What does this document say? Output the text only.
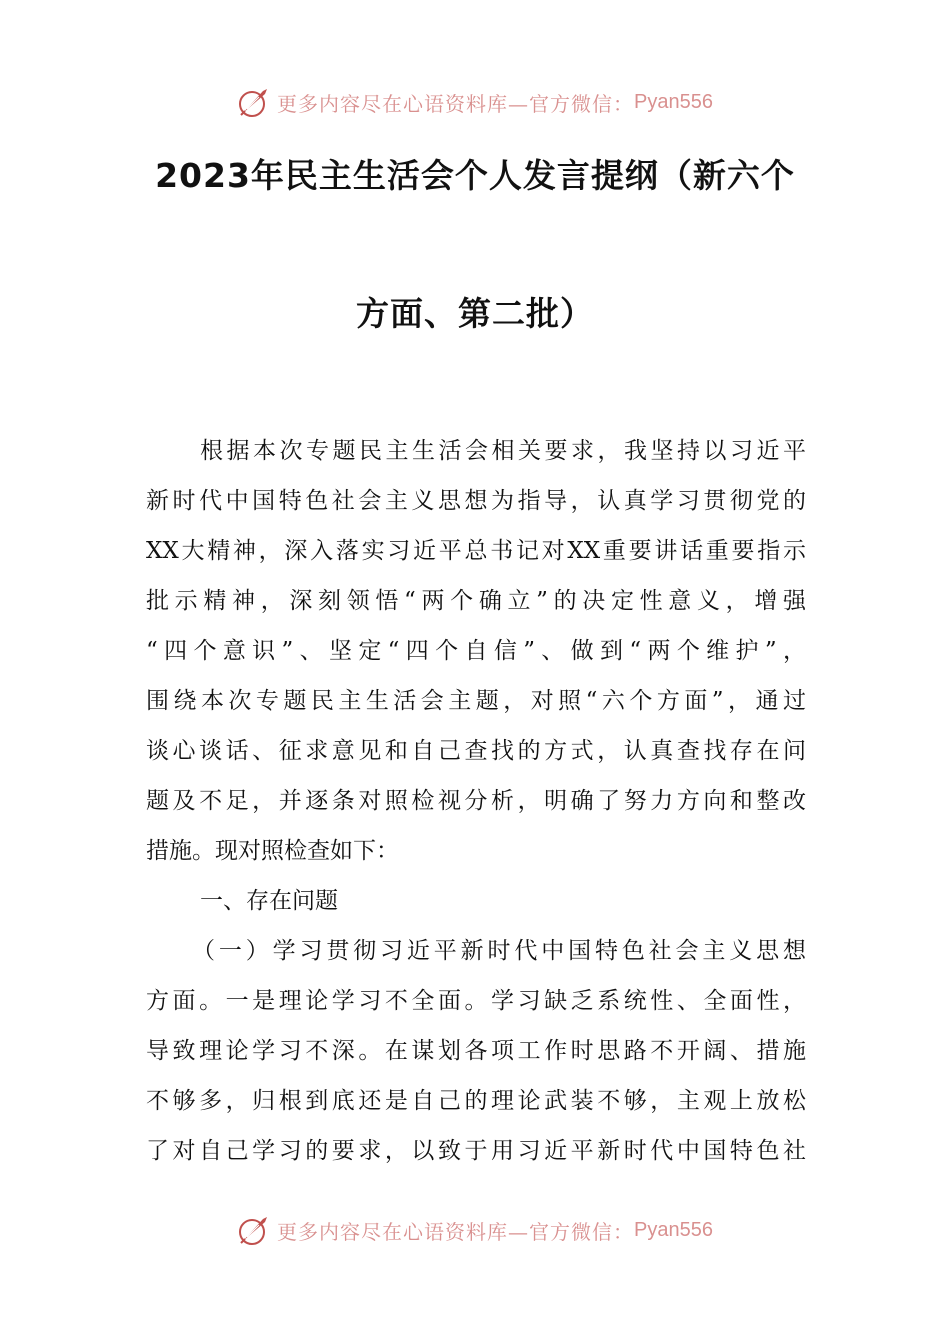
更多内容尽在心语资料库—官方微信： Pyan556
2023年民主生活会个人发言提纲（新六个
方面、第二批）
根据本次专题民主生活会相关要求，我坚持以习近平
新时代中国特色社会主义思想为指导，认真学习贯彻党的
XX大精神，深入落实习近平总书记对XX重要讲话重要指示
批示精神，深刻领悟“两个确立”的决定性意义，增强
“四个意识”、坚定“四个自信”、做到“两个维护”，
围绕本次专题民主生活会主题，对照“六个方面”，通过
谈心谈话、征求意见和自己查找的方式，认真查找存在问
题及不足，并逐条对照检视分析，明确了努力方向和整改
措施。现对照检查如下：
一、存在问题
（一）学习贯彻习近平新时代中国特色社会主义思想
方面。一是理论学习不全面。学习缺乏系统性、全面性，
导致理论学习不深。在谋划各项工作时思路不开阔、措施
不够多，归根到底还是自己的理论武装不够，主观上放松
了对自己学习的要求，以致于用习近平新时代中国特色社
更多内容尽在心语资料库—官方微信： Pyan556
